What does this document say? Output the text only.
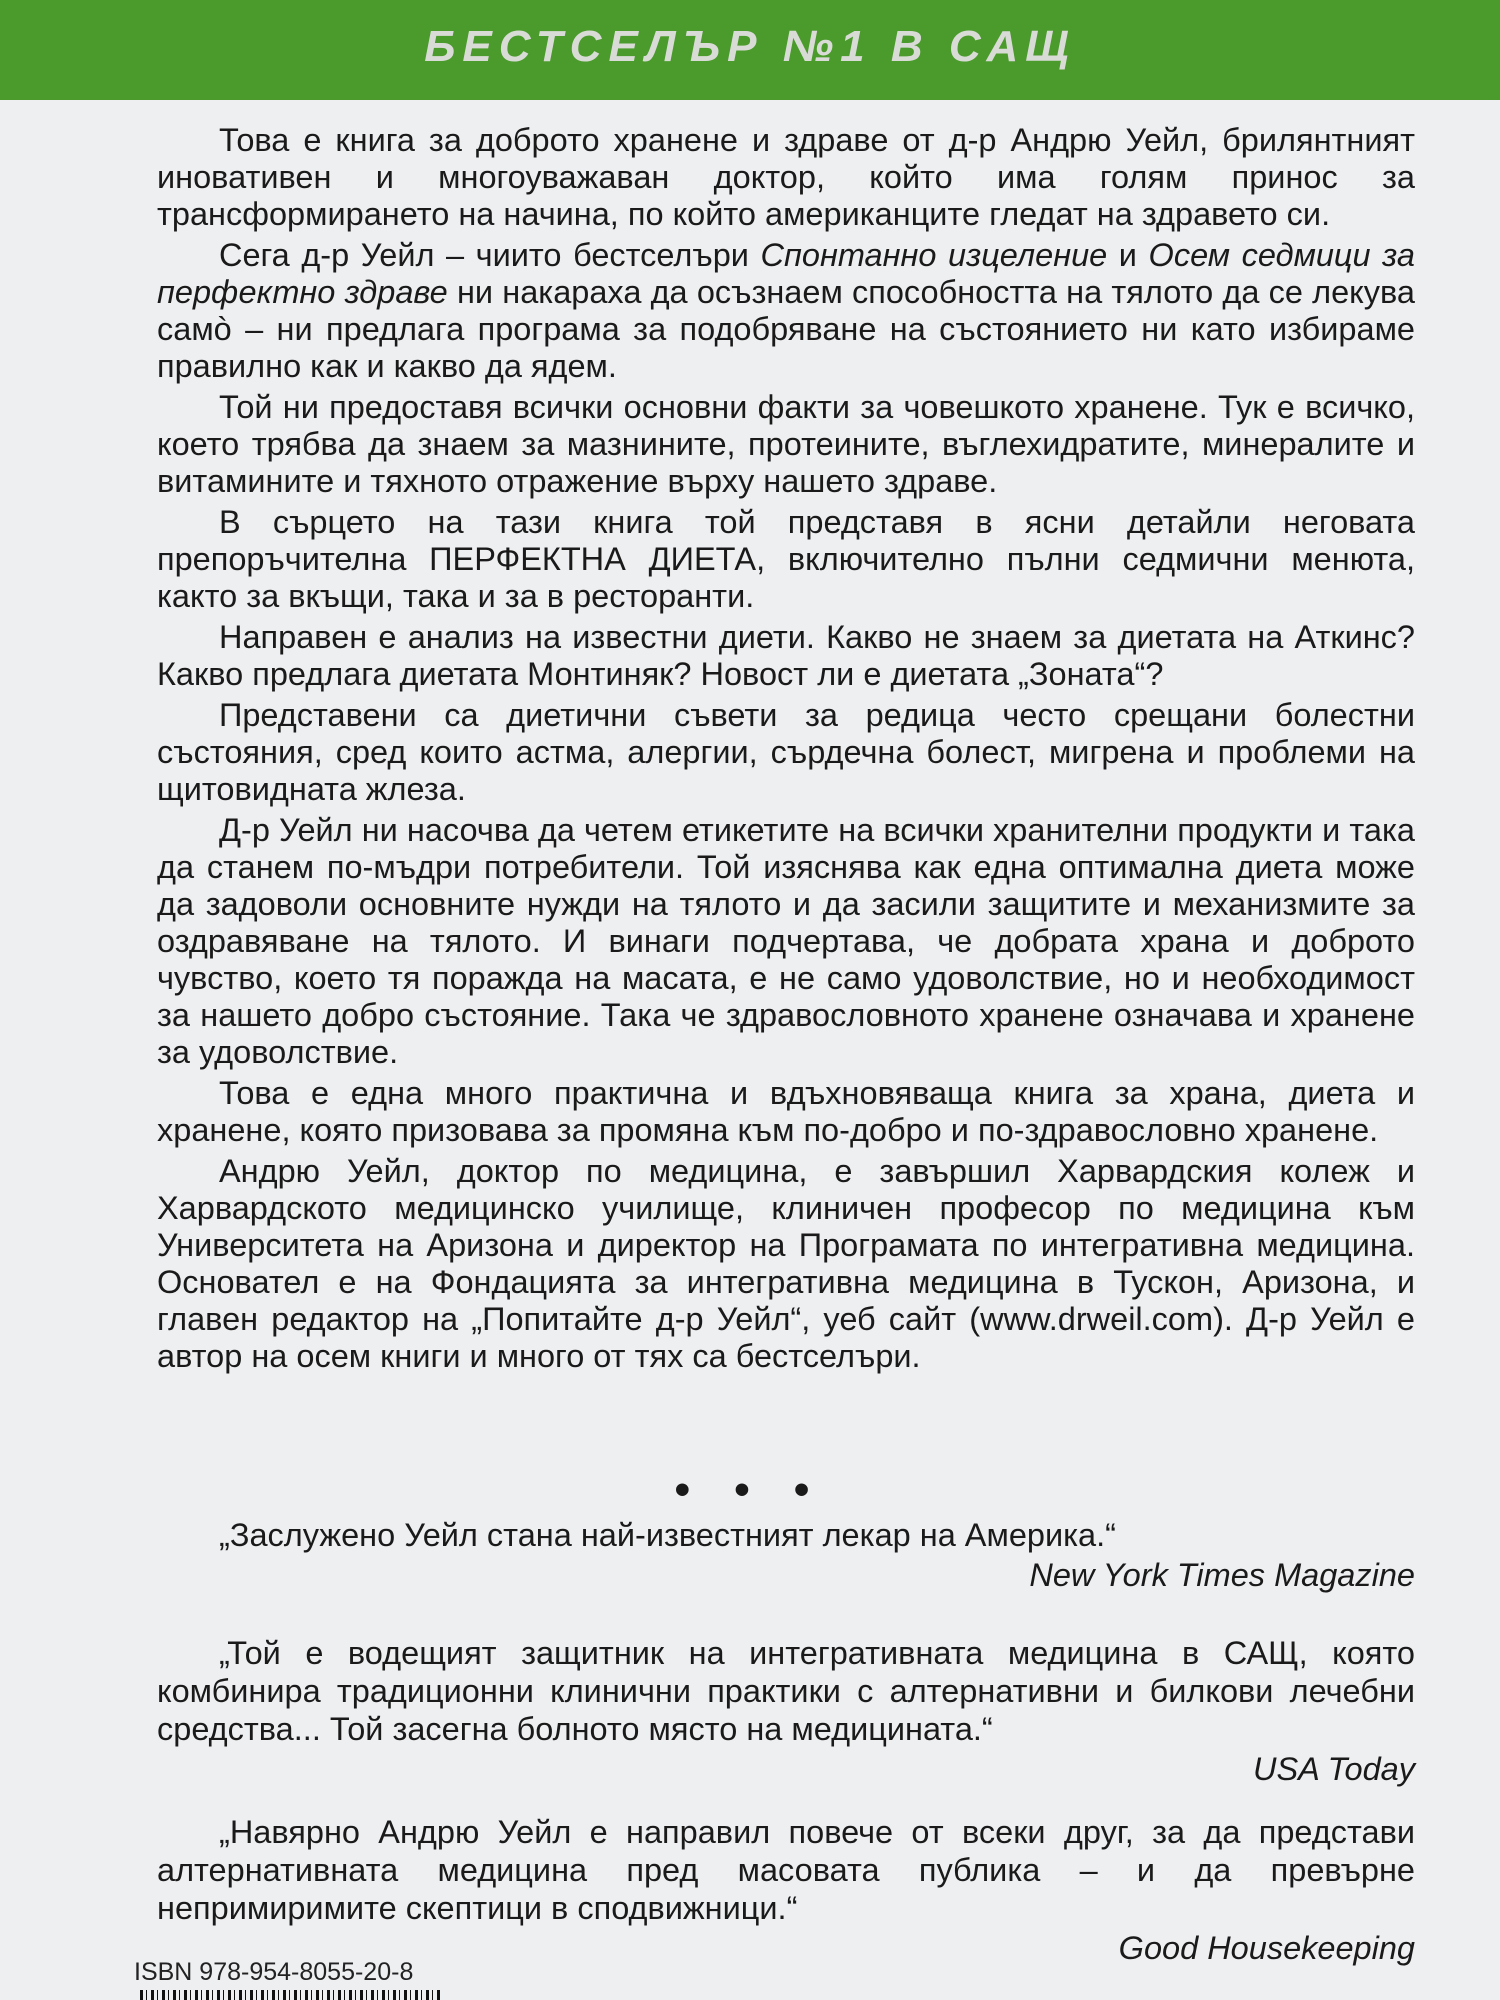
БЕСТСЕЛЪР №1 В САЩ

Това е книга за доброто хранене и здраве от д-р Андрю Уейл, брилянтният иновативен и многоуважаван доктор, който има голям принос за трансформирането на начина, по който американците гледат на здравето си.

Сега д-р Уейл – чиито бестселъри Спонтанно изцеление и Осем седмици за перфектно здраве ни накараха да осъзнаем способността на тялото да се лекува самò – ни предлага програма за подобряване на състоянието ни като избираме правилно как и какво да ядем.

Той ни предоставя всички основни факти за човешкото хранене. Тук е всичко, което трябва да знаем за мазнините, протеините, въглехидратите, минералите и витамините и тяхното отражение върху нашето здраве.

В сърцето на тази книга той представя в ясни детайли неговата препоръчителна ПЕРФЕКТНА ДИЕТА, включително пълни седмични менюта, както за вкъщи, така и за в ресторанти.

Направен е анализ на известни диети. Какво не знаем за диетата на Аткинс? Какво предлага диетата Монтиняк? Новост ли е диетата „Зоната“?

Представени са диетични съвети за редица често срещани болестни състояния, сред които астма, алергии, сърдечна болест, мигрена и проблеми на щитовидната жлеза.

Д-р Уейл ни насочва да четем етикетите на всички хранителни продукти и така да станем по-мъдри потребители. Той изяснява как една оптимална диета може да задоволи основните нужди на тялото и да засили защитите и механизмите за оздравяване на тялото. И винаги подчертава, че добрата храна и доброто чувство, което тя поражда на масата, е не само удоволствие, но и необходимост за нашето добро състояние. Така че здравословното хранене означава и хранене за удоволствие.

Това е една много практична и вдъхновяваща книга за храна, диета и хранене, която призовава за промяна към по-добро и по-здравословно хранене.

Андрю Уейл, доктор по медицина, е завършил Харвардския колеж и Харвардското медицинско училище, клиничен професор по медицина към Университета на Аризона и директор на Програмата по интегративна медицина. Основател е на Фондацията за интегративна медицина в Тускон, Аризона, и главен редактор на „Попитайте д-р Уейл“, уеб сайт (www.drweil.com). Д-р Уейл е автор на осем книги и много от тях са бестселъри.

• • •

„Заслужено Уейл стана най-известният лекар на Америка.“

New York Times Magazine

„Той е водещият защитник на интегративната медицина в САЩ, която комбинира традиционни клинични практики с алтернативни и билкови лечебни средства... Той засегна болното място на медицината.“

USA Today

„Навярно Андрю Уейл е направил повече от всеки друг, за да представи алтернативната медицина пред масовата публика – и да превърне непримиримите скептици в сподвижници.“

Good Housekeeping

ISBN 978-954-8055-20-8
